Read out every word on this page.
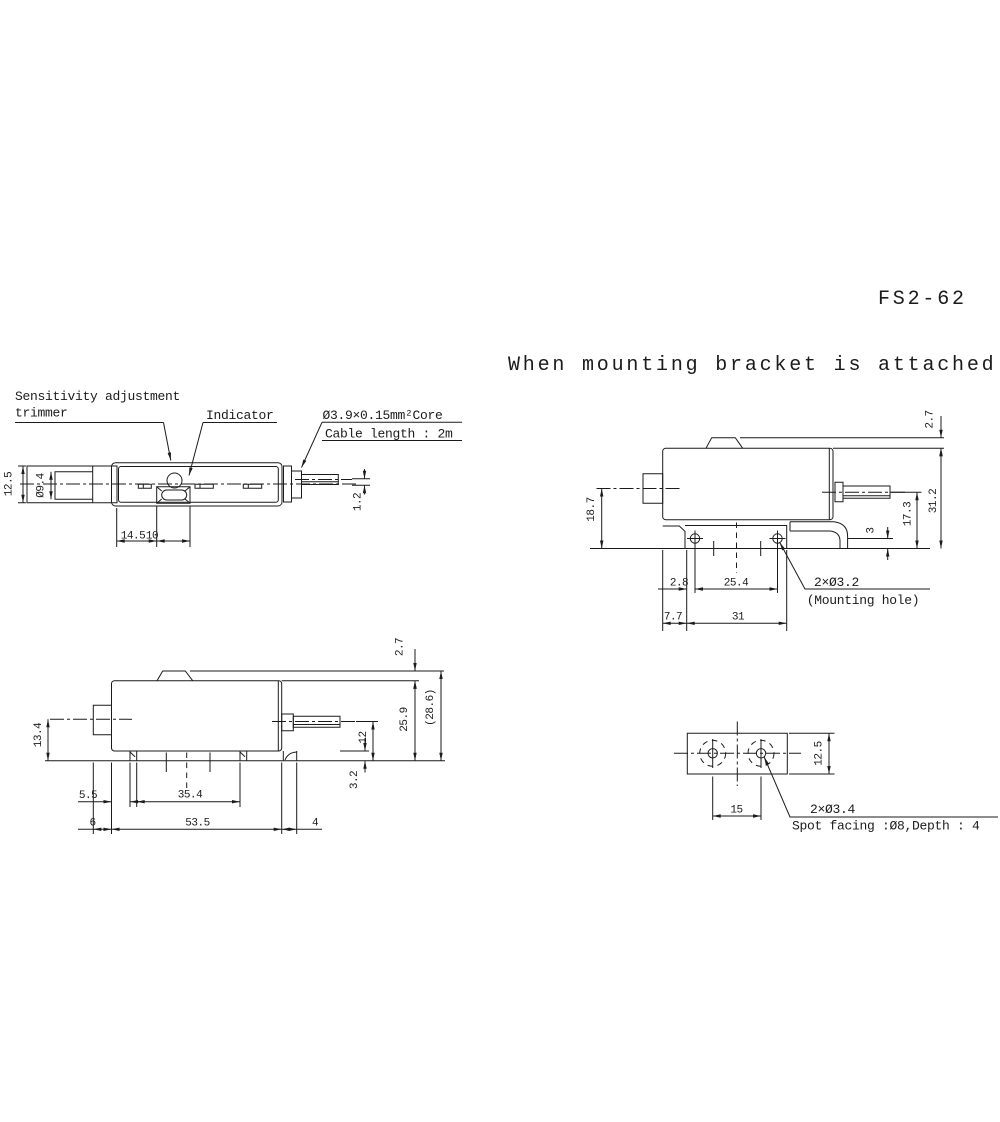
FS2-62
When mounting bracket is attached
Sensitivity adjustment
trimmer	Indicator	Ø3.9×0.15mm²Core
Cable length : 2m
12.5 Ø9.4
14.5 10
1.2	18.7
3
17.3
31.2
2.7
2.8	25.4
7.7	31
2×Ø3.2
(Mounting hole)
5.5	35.4
6	53.5	4
12
3.2
25.9
2.7
(28.6)
13.4
12.5
15	2×Ø3.4
Spot facing :Ø8,Depth : 4
